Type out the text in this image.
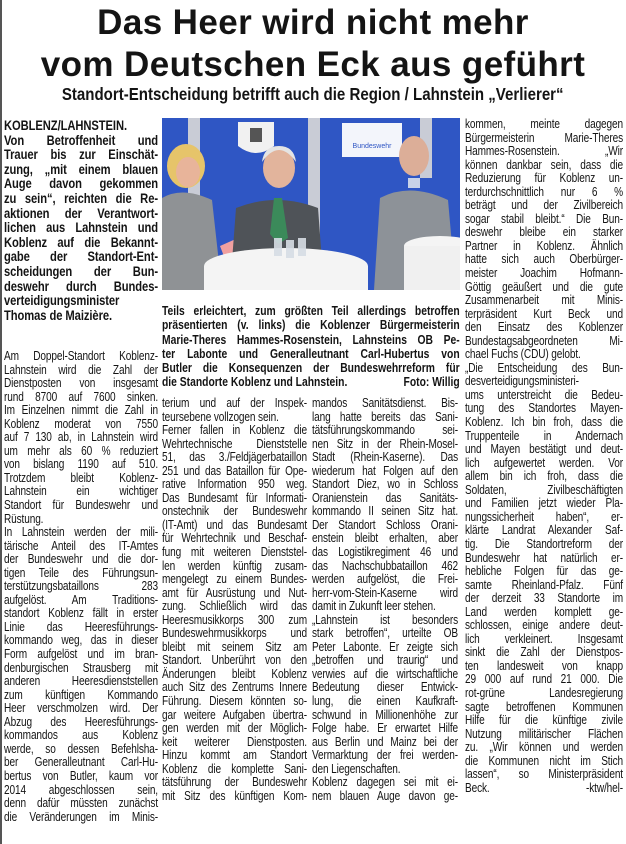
Das Heer wird nicht mehr
vom Deutschen Eck aus geführt
Standort-Entscheidung betrifft auch die Region / Lahnstein „Verlierer“
KOBLENZ/LAHNSTEIN.
Von Betroffenheit und
Trauer bis zur Einschät-
zung, „mit einem blauen
Auge davon gekommen
zu sein“, reichten die Re-
aktionen der Verantwort-
lichen aus Lahnstein und
Koblenz auf die Bekannt-
gabe der Standort-Ent-
scheidungen der Bun-
deswehr durch Bundes-
verteidigungsminister
Thomas de Maizière.
Am Doppel-Standort Koblenz-
Lahnstein wird die Zahl der
Dienstposten von insgesamt
rund 8700 auf 7600 sinken.
Im Einzelnen nimmt die Zahl in
Koblenz moderat von 7550
auf 7 130 ab, in Lahnstein wird
um mehr als 60 % reduziert
von bislang 1190 auf 510.
Trotzdem bleibt Koblenz-
Lahnstein ein wichtiger
Standort für Bundeswehr und
Rüstung.
In Lahnstein werden der mili-
tärische Anteil des IT-Amtes
der Bundeswehr und die dor-
tigen Teile des Führungsun-
terstützungsbataillons 283
aufgelöst. Am Traditions-
standort Koblenz fällt in erster
Linie das Heeresführungs-
kommando weg, das in dieser
Form aufgelöst und im bran-
denburgischen Strausberg mit
anderen Heeresdienststellen
zum künftigen Kommando
Heer verschmolzen wird. Der
Abzug des Heeresführungs-
kommandos aus Koblenz
werde, so dessen Befehlsha-
ber Generalleutnant Carl-Hu-
bertus von Butler, kaum vor
2014 abgeschlossen sein,
denn dafür müssten zunächst
die Veränderungen im Minis-
terium und auf der Inspek-
teursebene vollzogen sein.
Ferner fallen in Koblenz die
Wehrtechnische Dienststelle
51, das 3./Feldjägerbataillon
251 und das Bataillon für Ope-
rative Information 950 weg.
Das Bundesamt für Informati-
onstechnik der Bundeswehr
(IT-Amt) und das Bundesamt
für Wehrtechnik und Beschaf-
fung mit weiteren Dienststel-
len werden künftig zusam-
mengelegt zu einem Bundes-
amt für Ausrüstung und Nut-
zung. Schließlich wird das
Heeresmusikkorps 300 zum
Bundeswehrmusikkorps und
bleibt mit seinem Sitz am
Standort. Unberührt von den
Änderungen bleibt Koblenz
auch Sitz des Zentrums Innere
Führung. Diesem könnten so-
gar weitere Aufgaben übertra-
gen werden mit der Möglich-
keit weiterer Dienstposten.
Hinzu kommt am Standort
Koblenz die komplette Sani-
tätsführung der Bundeswehr
mit Sitz des künftigen Kom-
mandos Sanitätsdienst. Bis-
lang hatte bereits das Sani-
tätsführungskommando sei-
nen Sitz in der Rhein-Mosel-
Stadt (Rhein-Kaserne). Das
wiederum hat Folgen auf den
Standort Diez, wo in Schloss
Oranienstein das Sanitäts-
kommando II seinen Sitz hat.
Der Standort Schloss Orani-
enstein bleibt erhalten, aber
das Logistikregiment 46 und
das Nachschubbataillon 462
werden aufgelöst, die Frei-
herr-vom-Stein-Kaserne wird
damit in Zukunft leer stehen.
„Lahnstein ist besonders
stark betroffen“, urteilte OB
Peter Labonte. Er zeigte sich
„betroffen und traurig“ und
verwies auf die wirtschaftliche
Bedeutung dieser Entwick-
lung, die einen Kaufkraft-
schwund in Millionenhöhe zur
Folge habe. Er erwartet Hilfe
aus Berlin und Mainz bei der
Vermarktung der frei werden-
den Liegenschaften.
Koblenz dagegen sei mit ei-
nem blauen Auge davon ge-
kommen, meinte dagegen
Bürgermeisterin Marie-Theres
Hammes-Rosenstein. „Wir
können dankbar sein, dass die
Reduzierung für Koblenz un-
terdurchschnittlich nur 6 %
beträgt und der Zivilbereich
sogar stabil bleibt.“ Die Bun-
deswehr bleibe ein starker
Partner in Koblenz. Ähnlich
hatte sich auch Oberbürger-
meister Joachim Hofmann-
Göttig geäußert und die gute
Zusammenarbeit mit Minis-
terpräsident Kurt Beck und
den Einsatz des Koblenzer
Bundestagsabgeordneten Mi-
chael Fuchs (CDU) gelobt.
„Die Entscheidung des Bun-
desverteidigungsministeri-
ums unterstreicht die Bedeu-
tung des Standortes Mayen-
Koblenz. Ich bin froh, dass die
Truppenteile in Andernach
und Mayen bestätigt und deut-
lich aufgewertet werden. Vor
allem bin ich froh, dass die
Soldaten, Zivilbeschäftigten
und Familien jetzt wieder Pla-
nungssicherheit haben“, er-
klärte Landrat Alexander Saf-
tig. Die Standortreform der
Bundeswehr hat natürlich er-
hebliche Folgen für das ge-
samte Rheinland-Pfalz. Fünf
der derzeit 33 Standorte im
Land werden komplett ge-
schlossen, einige andere deut-
lich verkleinert. Insgesamt
sinkt die Zahl der Dienstpos-
ten landesweit von knapp
29 000 auf rund 21 000. Die
rot-grüne Landesregierung
sagte betroffenen Kommunen
Hilfe für die künftige zivile
Nutzung militärischer Flächen
zu. „Wir können und werden
die Kommunen nicht im Stich
lassen“, so Ministerpräsident
Beck. -ktw/hel-
Bundeswehr
Teils erleichtert, zum größten Teil allerdings betroffen
präsentierten (v. links) die Koblenzer Bürgermeisterin
Marie-Theres Hammes-Rosenstein, Lahnsteins OB Pe-
ter Labonte und Generalleutnant Carl-Hubertus von
Butler die Konsequenzen der Bundeswehrreform für
die Standorte Koblenz und Lahnstein.	Foto: Willig
